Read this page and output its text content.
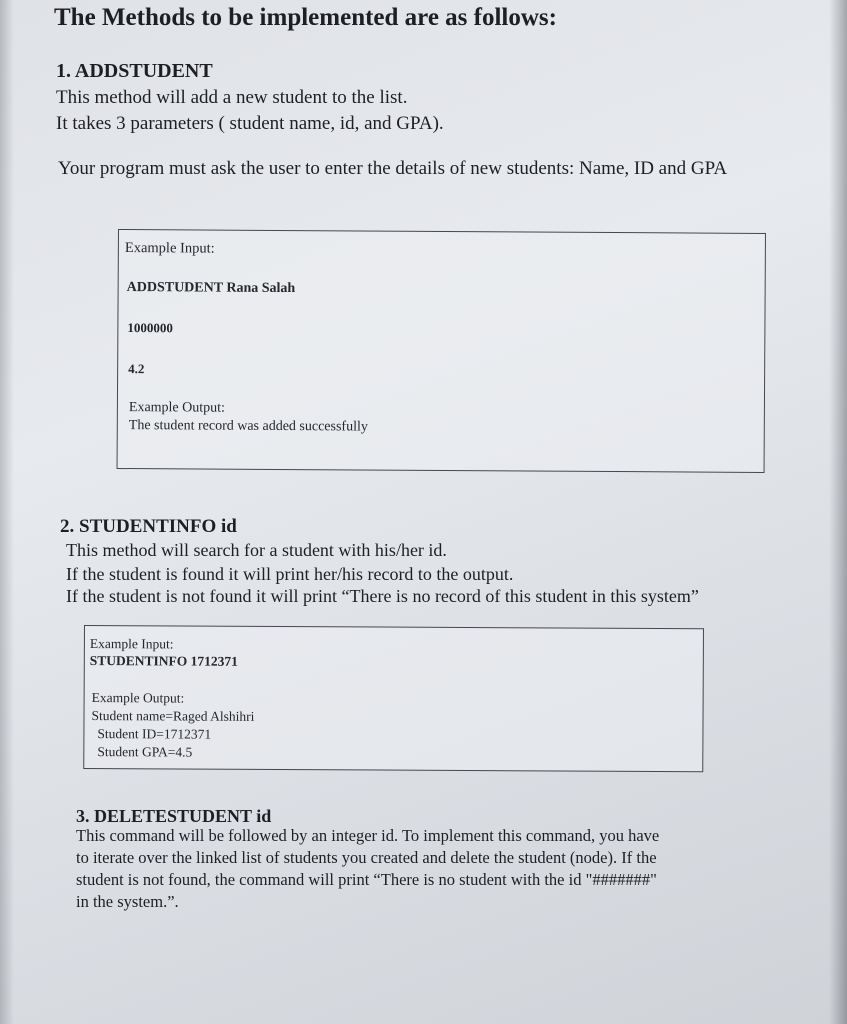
The Methods to be implemented are as follows:
1. ADDSTUDENT
This method will add a new student to the list.
It takes 3 parameters ( student name, id, and GPA).
Your program must ask the user to enter the details of new students: Name, ID and GPA
Example Input:
ADDSTUDENT Rana Salah
1000000
4.2
Example Output:
The student record was added successfully
2. STUDENTINFO id
This method will search for a student with his/her id.
If the student is found it will print her/his record to the output.
If the student is not found it will print “There is no record of this student in this system”
Example Input:
STUDENTINFO 1712371
Example Output:
Student name=Raged Alshihri
Student ID=1712371
Student GPA=4.5
3. DELETESTUDENT id
This command will be followed by an integer id. To implement this command, you have
to iterate over the linked list of students you created and delete the student (node). If the
student is not found, the command will print “There is no student with the id "#######"
in the system.”.
